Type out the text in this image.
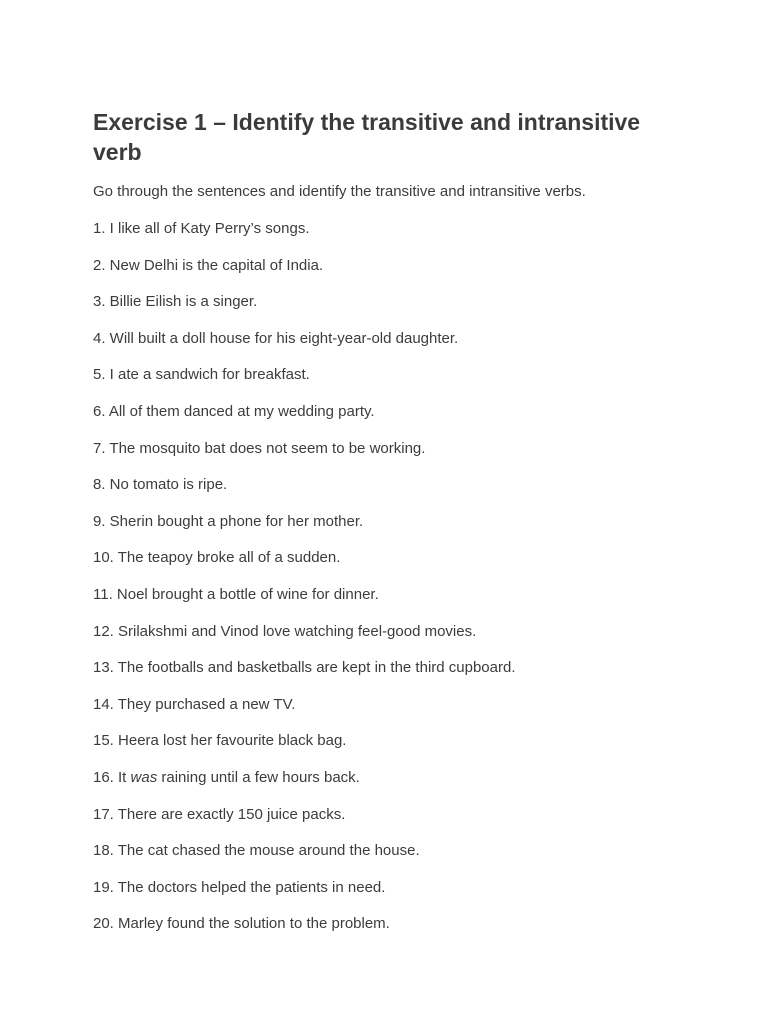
Exercise 1 – Identify the transitive and intransitive verb

Go through the sentences and identify the transitive and intransitive verbs.

1. I like all of Katy Perry’s songs.
2. New Delhi is the capital of India.
3. Billie Eilish is a singer.
4. Will built a doll house for his eight-year-old daughter.
5. I ate a sandwich for breakfast.
6. All of them danced at my wedding party.
7. The mosquito bat does not seem to be working.
8. No tomato is ripe.
9. Sherin bought a phone for her mother.
10. The teapoy broke all of a sudden.
11. Noel brought a bottle of wine for dinner.
12. Srilakshmi and Vinod love watching feel-good movies.
13. The footballs and basketballs are kept in the third cupboard.
14. They purchased a new TV.
15. Heera lost her favourite black bag.
16. It was raining until a few hours back.
17. There are exactly 150 juice packs.
18. The cat chased the mouse around the house.
19. The doctors helped the patients in need.
20. Marley found the solution to the problem.
